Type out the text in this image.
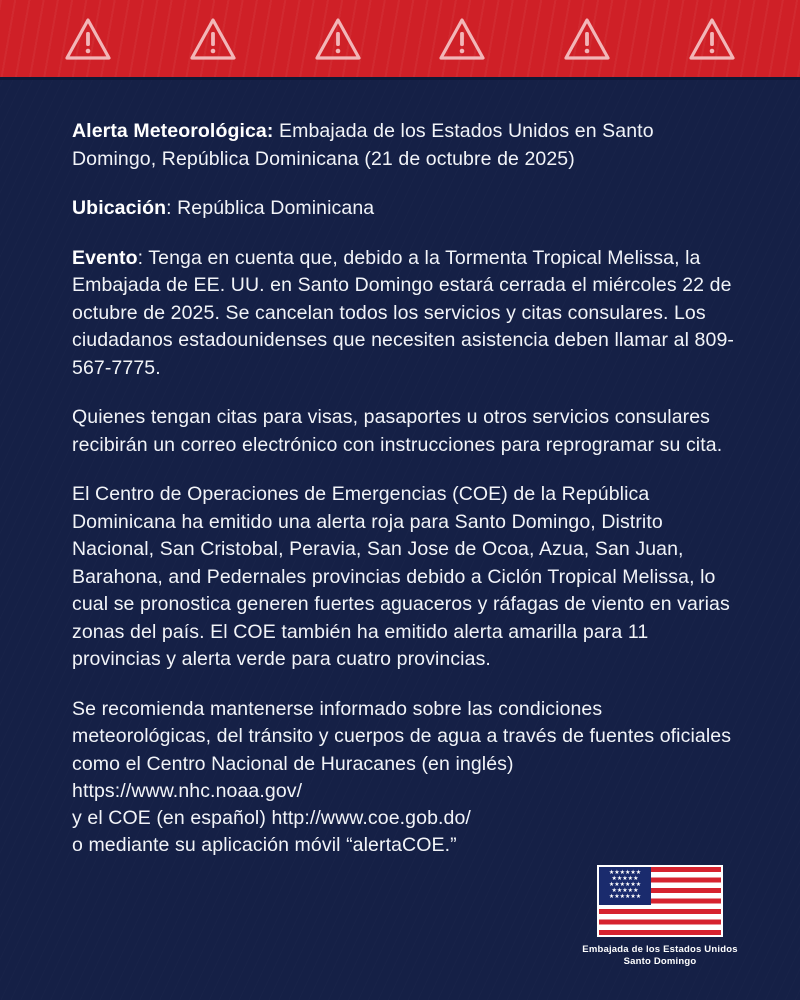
Alerta Meteorológica: Embajada de los Estados Unidos en Santo Domingo, República Dominicana (21 de octubre de 2025)

Ubicación: República Dominicana

Evento: Tenga en cuenta que, debido a la Tormenta Tropical Melissa, la Embajada de EE. UU. en Santo Domingo estará cerrada el miércoles 22 de octubre de 2025. Se cancelan todos los servicios y citas consulares. Los ciudadanos estadounidenses que necesiten asistencia deben llamar al 809-567-7775.

Quienes tengan citas para visas, pasaportes u otros servicios consulares recibirán un correo electrónico con instrucciones para reprogramar su cita.

El Centro de Operaciones de Emergencias (COE) de la República Dominicana ha emitido una alerta roja para Santo Domingo, Distrito Nacional, San Cristobal, Peravia, San Jose de Ocoa, Azua, San Juan, Barahona, and Pedernales provincias debido a Ciclón Tropical Melissa, lo cual se pronostica generen fuertes aguaceros y ráfagas de viento en varias zonas del país. El COE también ha emitido alerta amarilla para 11 provincias y alerta verde para cuatro provincias.

Se recomienda mantenerse informado sobre las condiciones meteorológicas, del tránsito y cuerpos de agua a través de fuentes oficiales como el Centro Nacional de Huracanes (en inglés) https://www.nhc.noaa.gov/

y el COE (en español) http://www.coe.gob.do/

o mediante su aplicación móvil “alertaCOE.”

★★★★★★
★★★★★
★★★★★★
★★★★★
★★★★★★
Embajada de los Estados Unidos
Santo Domingo
